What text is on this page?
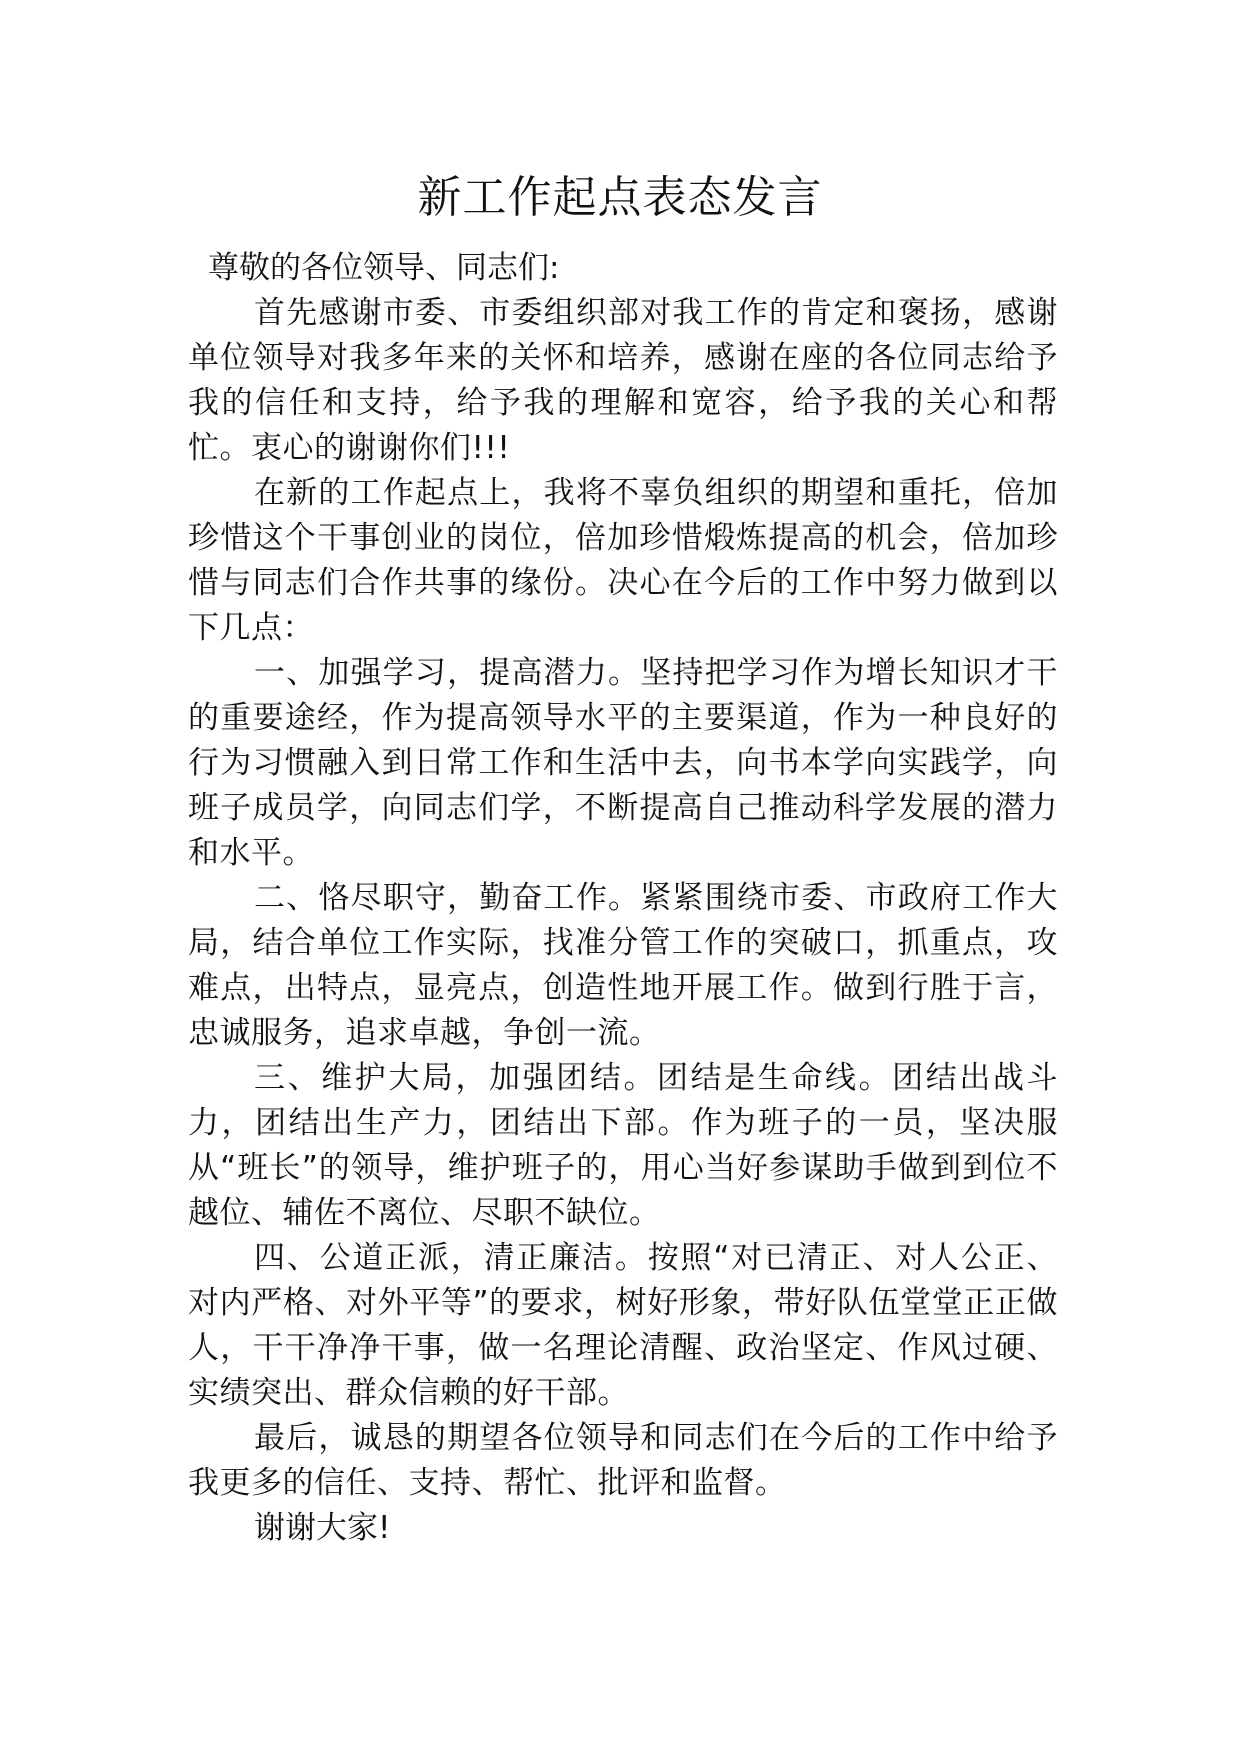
新工作起点表态发言

尊敬的各位领导、同志们:

首先感谢市委、市委组织部对我工作的肯定和褒扬，感谢单位领导对我多年来的关怀和培养，感谢在座的各位同志给予我的信任和支持，给予我的理解和宽容，给予我的关心和帮忙。衷心的谢谢你们!!!

在新的工作起点上，我将不辜负组织的期望和重托，倍加珍惜这个干事创业的岗位，倍加珍惜煅炼提高的机会，倍加珍惜与同志们合作共事的缘份。决心在今后的工作中努力做到以下几点：

一、加强学习，提高潜力。坚持把学习作为增长知识才干的重要途经，作为提高领导水平的主要渠道，作为一种良好的行为习惯融入到日常工作和生活中去，向书本学向实践学，向班子成员学，向同志们学，不断提高自己推动科学发展的潜力和水平。

二、恪尽职守，勤奋工作。紧紧围绕市委、市政府工作大局，结合单位工作实际，找准分管工作的突破口，抓重点，攻难点，出特点，显亮点，创造性地开展工作。做到行胜于言，忠诚服务，追求卓越，争创一流。

三、维护大局，加强团结。团结是生命线。团结出战斗力，团结出生产力，团结出下部。作为班子的一员，坚决服从“班长”的领导，维护班子的，用心当好参谋助手做到到位不越位、辅佐不离位、尽职不缺位。

四、公道正派，清正廉洁。按照“对已清正、对人公正、对内严格、对外平等”的要求，树好形象，带好队伍堂堂正正做人，干干净净干事，做一名理论清醒、政治坚定、作风过硬、实绩突出、群众信赖的好干部。

最后，诚恳的期望各位领导和同志们在今后的工作中给予我更多的信任、支持、帮忙、批评和监督。

谢谢大家!
